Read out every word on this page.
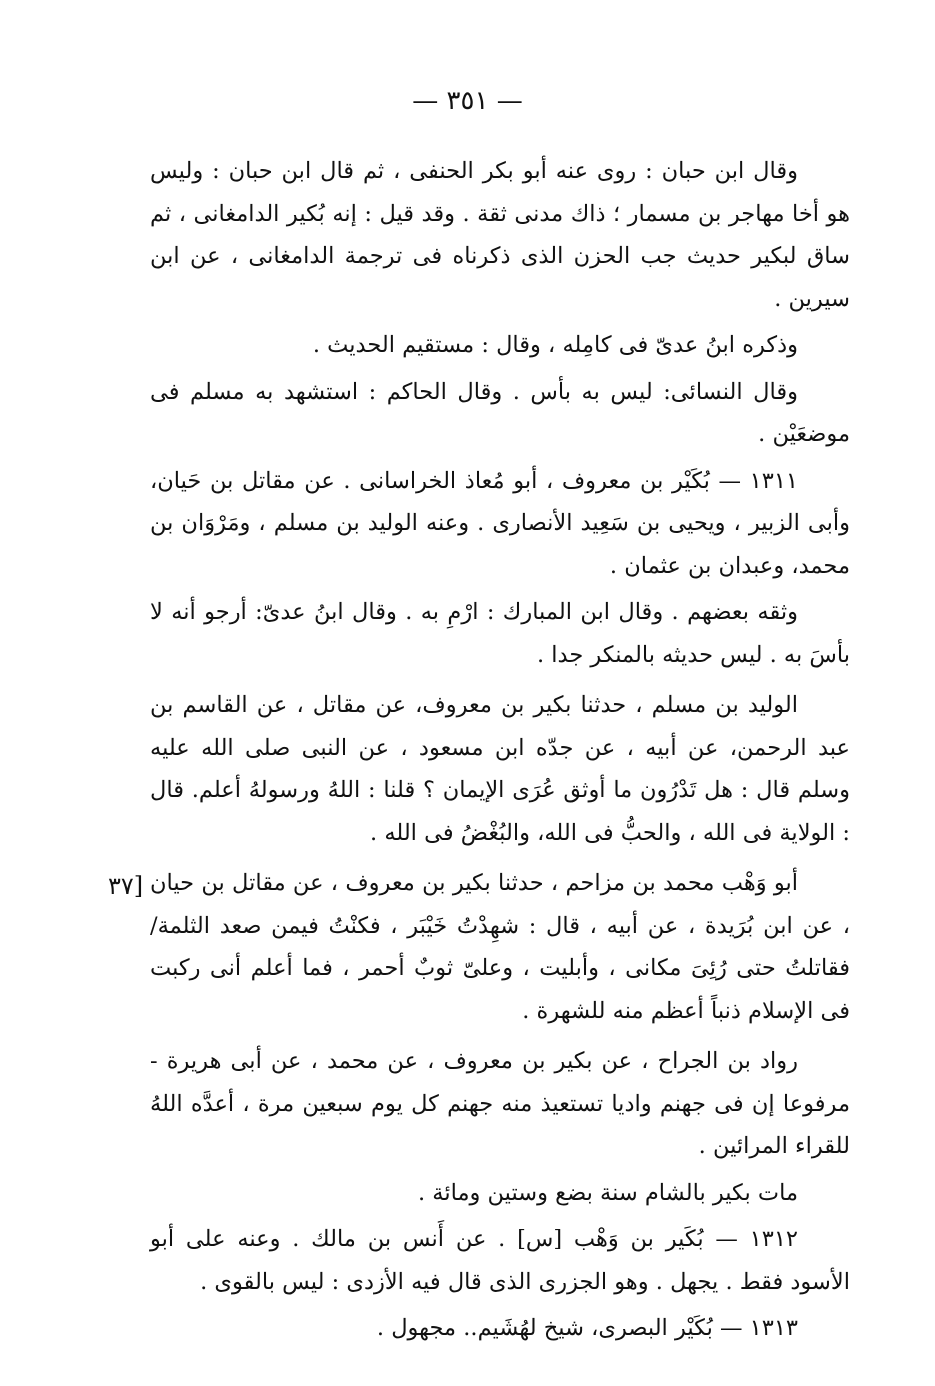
— ٣٥١ —
٣٧]

وقال ابن حبان : روى عنه أبو بكر الحنفى ، ثم قال ابن حبان : وليس هو أخا مهاجر بن مسمار ؛ ذاك مدنى ثقة . وقد قيل : إنه بُكير الدامغانى ، ثم ساق لبكير حديث جب الحزن الذى ذكرناه فى ترجمة الدامغانى ، عن ابن سيرين .

وذكره ابنُ عدىّ فى كامِله ، وقال : مستقيم الحديث .

وقال النسائى: ليس به بأس . وقال الحاكم : استشهد به مسلم فى موضعَيْن .

١٣١١ — بُكَيْر بن معروف ، أبو مُعاذ الخراسانى . عن مقاتل بن حَيان، وأبى الزبير ، ويحيى بن سَعِيد الأنصارى . وعنه الوليد بن مسلم ، ومَرْوَان بن محمد، وعبدان بن عثمان .

وثقه بعضهم . وقال ابن المبارك : ارْمِ به . وقال ابنُ عدىّ: أرجو أنه لا بأسَ به . ليس حديثه بالمنكر جدا .

الوليد بن مسلم ، حدثنا بكير بن معروف، عن مقاتل ، عن القاسم بن عبد الرحمن، عن أبيه ، عن جدّه ابن مسعود ، عن النبى صلى الله عليه وسلم قال : هل تَدْرُون ما أوثق عُرَى الإيمان ؟ قلنا : اللهُ ورسولهُ أعلم. قال : الولاية فى الله ، والحبُّ فى الله، والبُغْضُ فى الله .

أبو وَهْب محمد بن مزاحم ، حدثنا بكير بن معروف ، عن مقاتل بن حيان ، عن ابن بُرَيدة ، عن أبيه ، قال : شهِدْتُ خَيْبَر ، فكنْتُ فيمن صعد الثلمة/ فقاتلتُ حتى رُئِىَ مكانى ، وأبليت ، وعلىّ ثوبٌ أحمر ، فما أعلم أنى ركبت فى الإسلام ذنباً أعظم منه للشهرة .

رواد بن الجراح ، عن بكير بن معروف ، عن محمد ، عن أبى هريرة - مرفوعا إن فى جهنم واديا تستعيذ منه جهنم كل يوم سبعين مرة ، أعدَّه اللهُ للقراء المرائين .

مات بكير بالشام سنة بضع وستين ومائة .

١٣١٢ — بُكَير بن وَهْب [س] . عن أَنس بن مالك . وعنه على أبو الأسود فقط . يجهل . وهو الجزرى الذى قال فيه الأزدى : ليس بالقوى .

١٣١٣ — بُكَيْر البصرى، شيخ لهُشَيم.. مجهول .
